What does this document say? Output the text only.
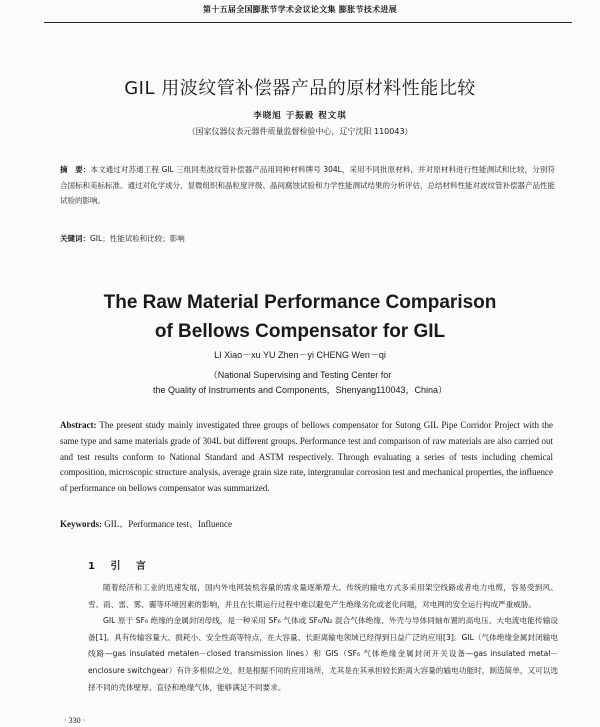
第十五届全国膨胀节学术会议论文集 膨胀节技术进展
GIL 用波纹管补偿器产品的原材料性能比较
李晓旭 于振毅 程文琪
（国家仪器仪表元器件质量监督检验中心，辽宁沈阳 110043）
摘　要：本文通过对苏通工程 GIL 三组同类波纹管补偿器产品用同种材料牌号 304L，采用不同批原材料，并对原材料进行性能测试和比较，分别符合国标和美标标准。通过对化学成分、显微组织和晶粒度评级、晶间腐蚀试验和力学性能测试结果的分析评估，总结材料性能对波纹管补偿器产品性能试验的影响。
关键词：GIL；性能试验和比较；影响
The Raw Material Performance Comparison
of Bellows Compensator for GIL
LI Xiao－xu YU Zhen－yi CHENG Wen－qi
（National Supervising and Testing Center for
the Quality of Instruments and Components，Shenyang110043，China）
Abstract: The present study mainly investigated three groups of bellows compensator for Sutong GIL Pipe Corridor Project with the same type and same materials grade of 304L but different groups. Performance test and comparison of raw materials are also carried out and test results conform to National Standard and ASTM respectively. Through evaluating a series of tests including chemical composition, microscopic structure analysis, average grain size rate, intergranular corrosion test and mechanical properties, the influence of performance on bellows compensator was summarized.
Keywords: GIL、Performance test、Influence
1 引 言

随着经济和工业的迅速发展，国内外电网装机容量的需求量逐渐增大。传统的输电方式多采用架空线路或者电力电缆，容易受到风、雪、雨、雷、雾、霾等环境因素的影响，并且在长期运行过程中难以避免产生绝缘劣化或老化问题，对电网的安全运行构成严重威胁。

GIL 原于 SF₆ 绝缘的金属封闭母线，是一种采用 SF₆ 气体或 SF₆/N₂ 混合气体绝缘、外壳与导体同轴布置的高电压、大电流电能传输设备[1]。具有传输容量大、损耗小、安全性高等特点，在大容量、长距离输电领域已经得到日益广泛的应用[3]。GIL（气体绝缘金属封闭输电线路—gas insulated metalen－closed transmission lines）和 GIS（SF₆ 气体绝缘金属封闭开关设备—gas insulated metal－enclosure switchgear）有许多相似之处，但是根据不同的应用场所，尤其是在其承担较长距离大容量的输电功能时，制造简单，又可以选择不同的壳体壁厚、直径和绝缘气体，能够满足不同要求。

· 330 ·
